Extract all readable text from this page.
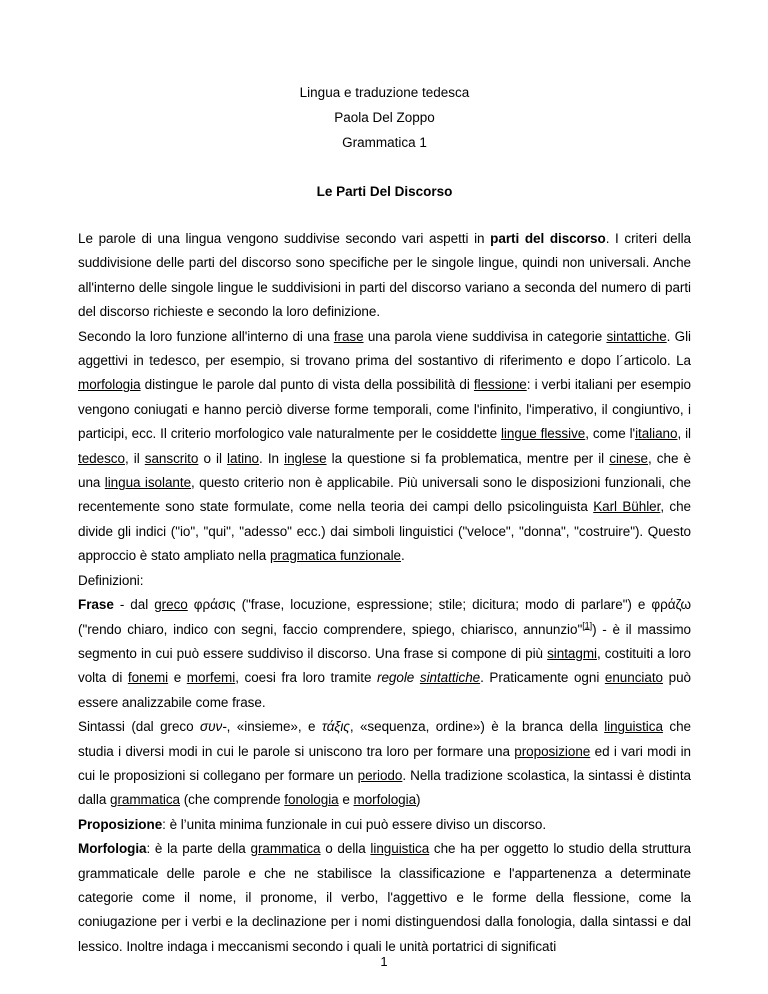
Lingua e traduzione tedesca
Paola Del Zoppo
Grammatica 1
Le Parti Del Discorso

Le parole di una lingua vengono suddivise secondo vari aspetti in parti del discorso. I criteri della suddivisione delle parti del discorso sono specifiche per le singole lingue, quindi non universali. Anche all'interno delle singole lingue le suddivisioni in parti del discorso variano a seconda del numero di parti del discorso richieste e secondo la loro definizione.

Secondo la loro funzione all'interno di una frase una parola viene suddivisa in categorie sintattiche. Gli aggettivi in tedesco, per esempio, si trovano prima del sostantivo di riferimento e dopo l´articolo. La morfologia distingue le parole dal punto di vista della possibilità di flessione: i verbi italiani per esempio vengono coniugati e hanno perciò diverse forme temporali, come l'infinito, l'imperativo, il congiuntivo, i participi, ecc. Il criterio morfologico vale naturalmente per le cosiddette lingue flessive, come l'italiano, il tedesco, il sanscrito o il latino. In inglese la questione si fa problematica, mentre per il cinese, che è una lingua isolante, questo criterio non è applicabile. Più universali sono le disposizioni funzionali, che recentemente sono state formulate, come nella teoria dei campi dello psicolinguista Karl Bühler, che divide gli indici ("io", "qui", "adesso" ecc.) dai simboli linguistici ("veloce", "donna", "costruire"). Questo approccio è stato ampliato nella pragmatica funzionale.

Definizioni:

Frase - dal greco φράσις ("frase, locuzione, espressione; stile; dicitura; modo di parlare") e φράζω ("rendo chiaro, indico con segni, faccio comprendere, spiego, chiarisco, annunzio"[1]) - è il massimo segmento in cui può essere suddiviso il discorso. Una frase si compone di più sintagmi, costituiti a loro volta di fonemi e morfemi, coesi fra loro tramite regole sintattiche. Praticamente ogni enunciato può essere analizzabile come frase.

Sintassi (dal greco συν-, «insieme», e τάξις, «sequenza, ordine») è la branca della linguistica che studia i diversi modi in cui le parole si uniscono tra loro per formare una proposizione ed i vari modi in cui le proposizioni si collegano per formare un periodo. Nella tradizione scolastica, la sintassi è distinta dalla grammatica (che comprende fonologia e morfologia)

Proposizione: è l’unita minima funzionale in cui può essere diviso un discorso.

Morfologia: è la parte della grammatica o della linguistica che ha per oggetto lo studio della struttura grammaticale delle parole e che ne stabilisce la classificazione e l'appartenenza a determinate categorie come il nome, il pronome, il verbo, l'aggettivo e le forme della flessione, come la coniugazione per i verbi e la declinazione per i nomi distinguendosi dalla fonologia, dalla sintassi e dal lessico. Inoltre indaga i meccanismi secondo i quali le unità portatrici di significati

1
